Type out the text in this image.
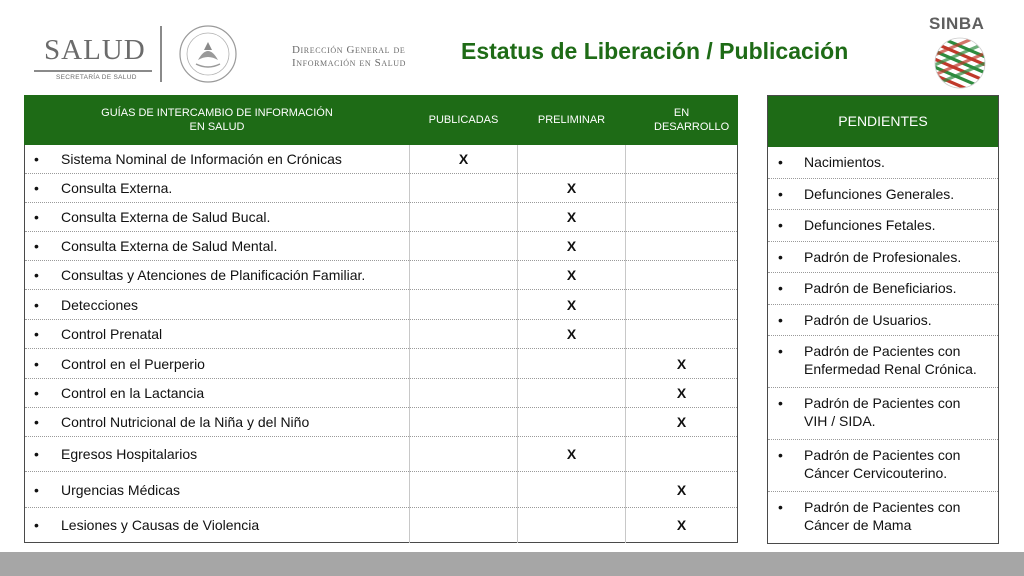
SALUD
SECRETARÍA DE SALUD
Dirección General de
Información en Salud Estatus de Liberación / Publicación
SINBA
GUÍAS DE INTERCAMBIO DE INFORMACIÓN EN SALUD	PUBLICADAS	PRELIMINAR	EN DESARROLLO
• Sistema Nominal de Información en Crónicas	X		
• Consulta Externa.		X	
• Consulta Externa de Salud Bucal.		X	
• Consulta Externa de Salud Mental.		X	
• Consultas y Atenciones de Planificación Familiar.		X	
• Detecciones		X	
• Control Prenatal		X	
• Control en el Puerperio			X
• Control en la Lactancia			X
• Control Nutricional de la Niña y del Niño			X
• Egresos Hospitalarios		X	
• Urgencias Médicas			X
• Lesiones y Causas de Violencia			X
PENDIENTES
• Nacimientos.
• Defunciones Generales.
• Defunciones Fetales.
• Padrón de Profesionales.
• Padrón de Beneficiarios.
• Padrón de Usuarios.
• Padrón de Pacientes con Enfermedad Renal Crónica.
• Padrón de Pacientes con VIH / SIDA.
• Padrón de Pacientes con Cáncer Cervicouterino.
• Padrón de Pacientes con Cáncer de Mama
